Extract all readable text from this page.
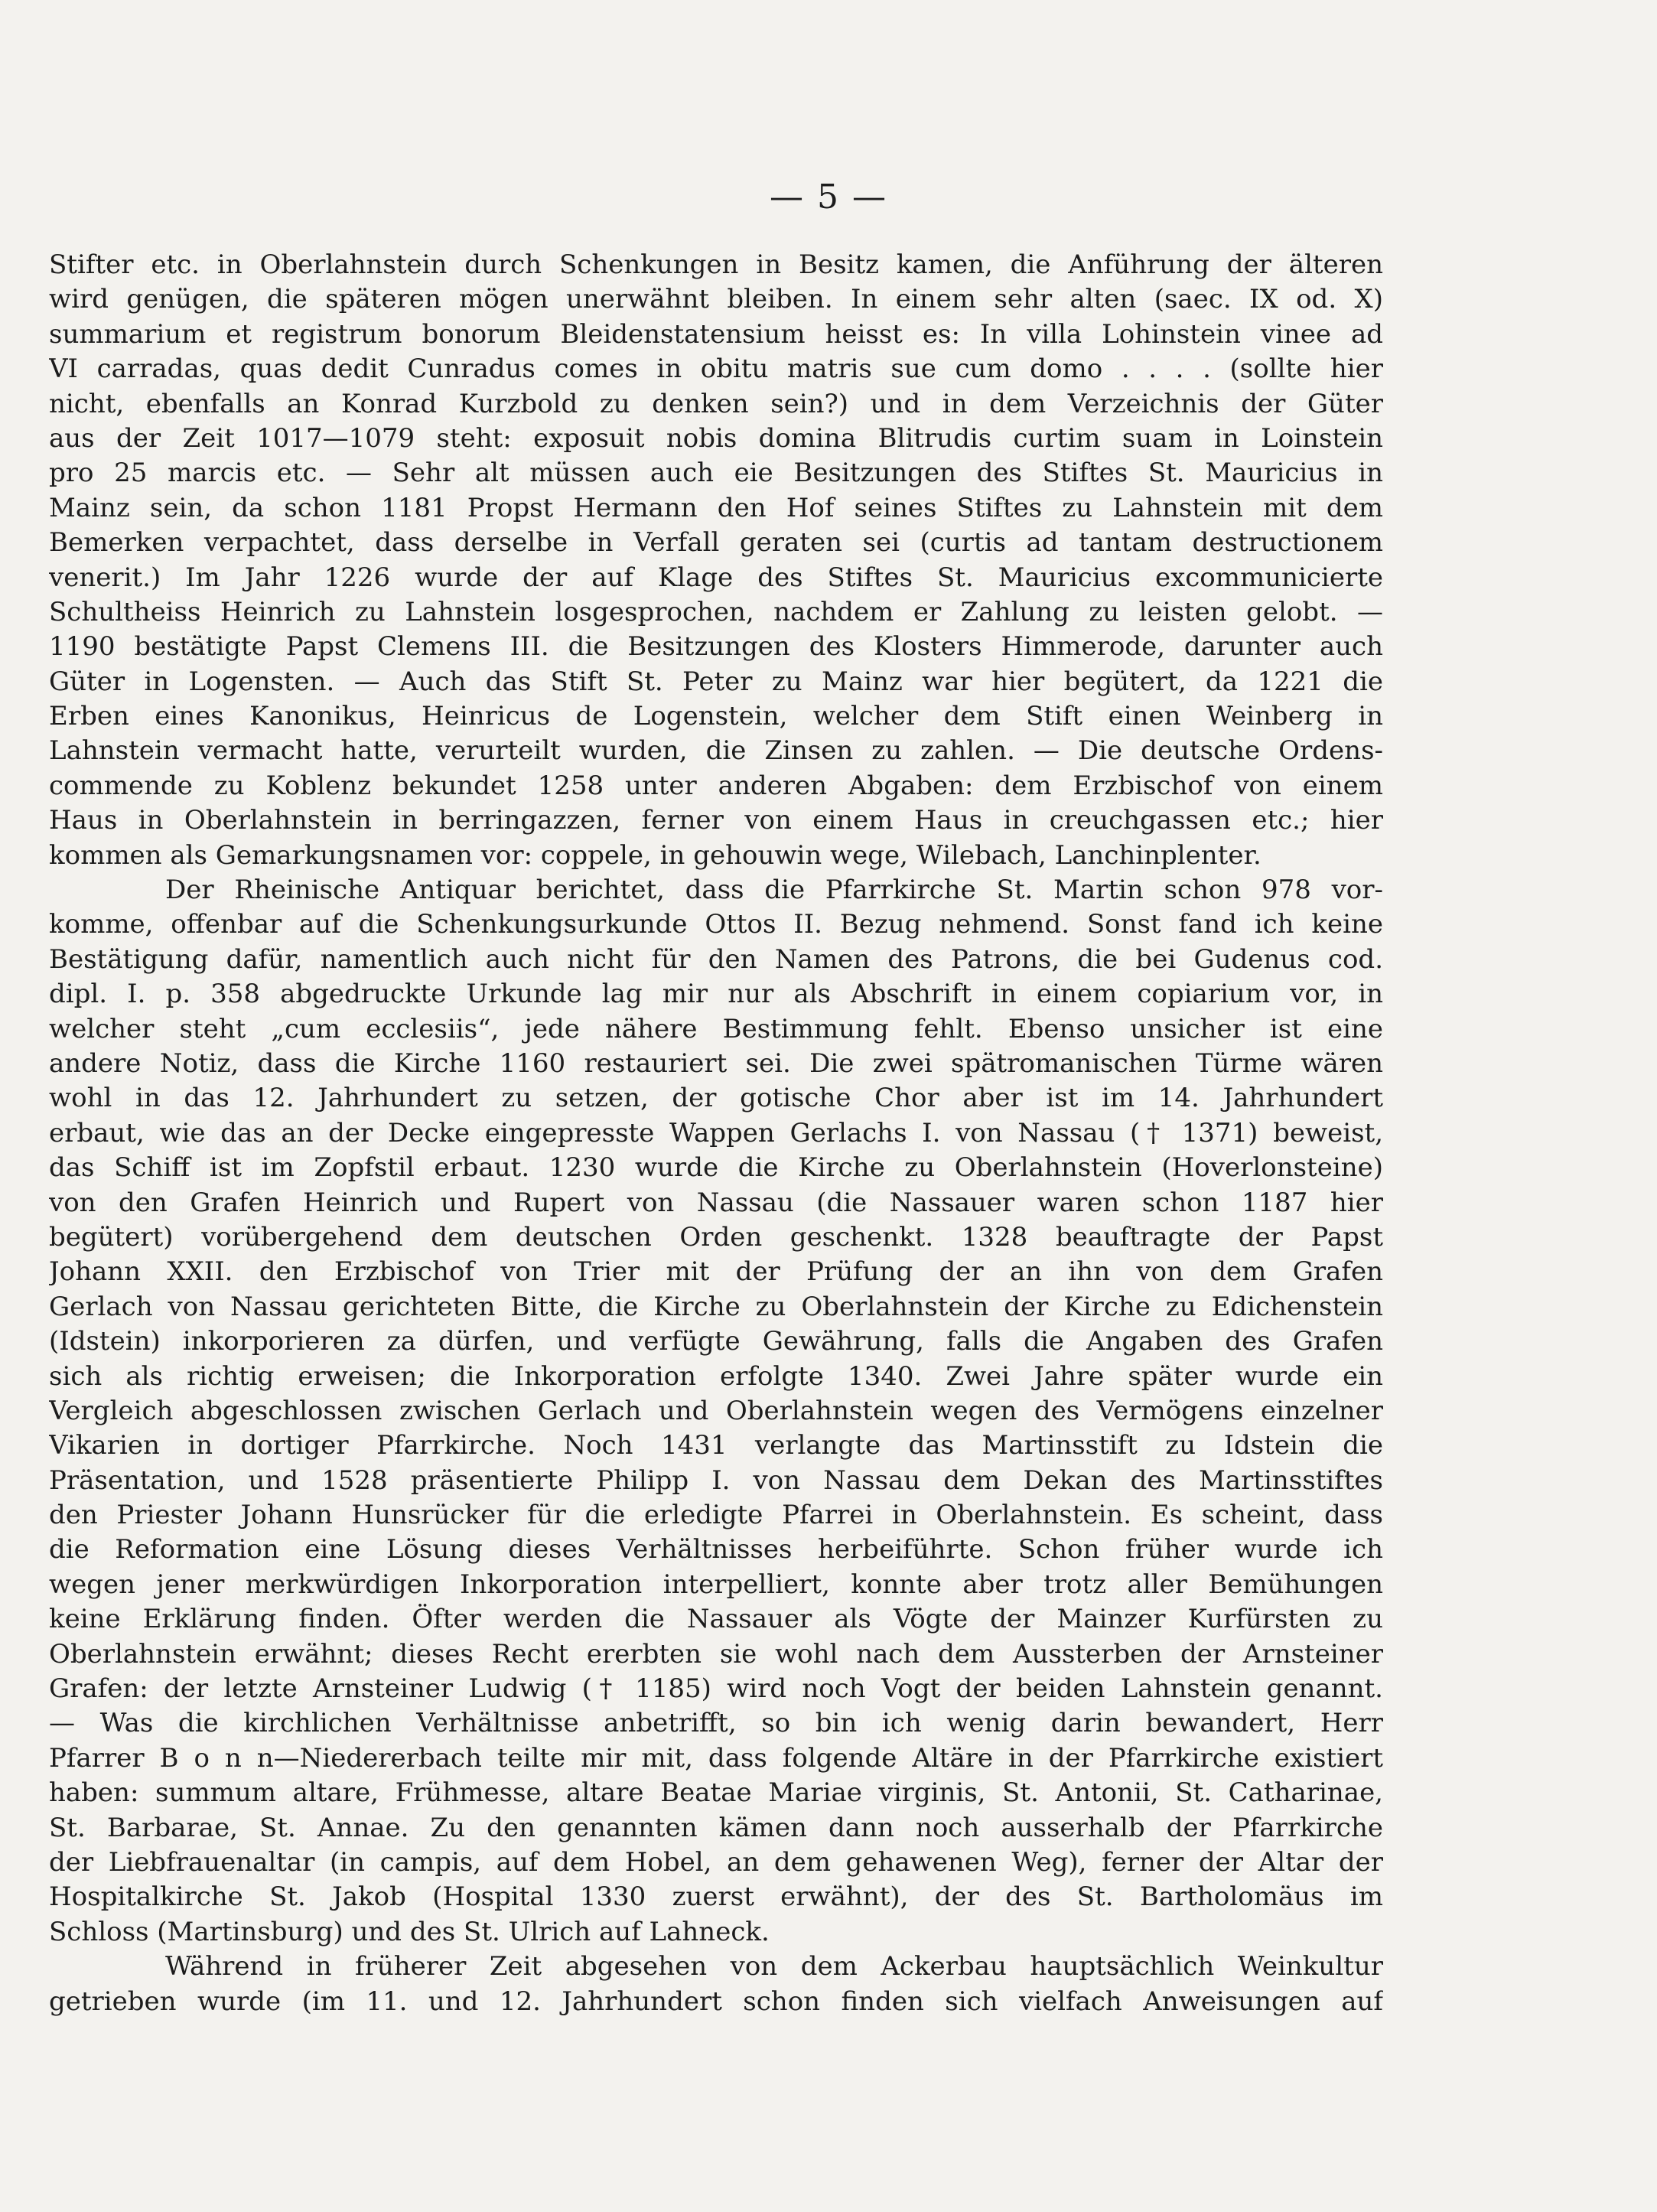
— 5 —
Stifter etc. in Oberlahnstein durch Schenkungen in Besitz kamen, die Anführung der älteren
wird genügen, die späteren mögen unerwähnt bleiben. In einem sehr alten (saec. IX od. X)
summarium et registrum bonorum Bleidenstatensium heisst es: In villa Lohinstein vinee ad
VI carradas, quas dedit Cunradus comes in obitu matris sue cum domo . . . . (sollte hier
nicht, ebenfalls an Konrad Kurzbold zu denken sein?) und in dem Verzeichnis der Güter
aus der Zeit 1017—1079 steht: exposuit nobis domina Blitrudis curtim suam in Loinstein
pro 25 marcis etc. — Sehr alt müssen auch eie Besitzungen des Stiftes St. Mauricius in
Mainz sein, da schon 1181 Propst Hermann den Hof seines Stiftes zu Lahnstein mit dem
Bemerken verpachtet, dass derselbe in Verfall geraten sei (curtis ad tantam destructionem
venerit.) Im Jahr 1226 wurde der auf Klage des Stiftes St. Mauricius excommunicierte
Schultheiss Heinrich zu Lahnstein losgesprochen, nachdem er Zahlung zu leisten gelobt. —
1190 bestätigte Papst Clemens III. die Besitzungen des Klosters Himmerode, darunter auch
Güter in Logensten. — Auch das Stift St. Peter zu Mainz war hier begütert, da 1221 die
Erben eines Kanonikus, Heinricus de Logenstein, welcher dem Stift einen Weinberg in
Lahnstein vermacht hatte, verurteilt wurden, die Zinsen zu zahlen. — Die deutsche Ordens-
commende zu Koblenz bekundet 1258 unter anderen Abgaben: dem Erzbischof von einem
Haus in Oberlahnstein in berringazzen, ferner von einem Haus in creuchgassen etc.; hier
kommen als Gemarkungsnamen vor: coppele, in gehouwin wege, Wilebach, Lanchinplenter.
Der Rheinische Antiquar berichtet, dass die Pfarrkirche St. Martin schon 978 vor-
komme, offenbar auf die Schenkungsurkunde Ottos II. Bezug nehmend. Sonst fand ich keine
Bestätigung dafür, namentlich auch nicht für den Namen des Patrons, die bei Gudenus cod.
dipl. I. p. 358 abgedruckte Urkunde lag mir nur als Abschrift in einem copiarium vor, in
welcher steht „cum ecclesiis“, jede nähere Bestimmung fehlt. Ebenso unsicher ist eine
andere Notiz, dass die Kirche 1160 restauriert sei. Die zwei spätromanischen Türme wären
wohl in das 12. Jahrhundert zu setzen, der gotische Chor aber ist im 14. Jahrhundert
erbaut, wie das an der Decke eingepresste Wappen Gerlachs I. von Nassau († 1371) beweist,
das Schiff ist im Zopfstil erbaut. 1230 wurde die Kirche zu Oberlahnstein (Hoverlonsteine)
von den Grafen Heinrich und Rupert von Nassau (die Nassauer waren schon 1187 hier
begütert) vorübergehend dem deutschen Orden geschenkt. 1328 beauftragte der Papst
Johann XXII. den Erzbischof von Trier mit der Prüfung der an ihn von dem Grafen
Gerlach von Nassau gerichteten Bitte, die Kirche zu Oberlahnstein der Kirche zu Edichenstein
(Idstein) inkorporieren za dürfen, und verfügte Gewährung, falls die Angaben des Grafen
sich als richtig erweisen; die Inkorporation erfolgte 1340. Zwei Jahre später wurde ein
Vergleich abgeschlossen zwischen Gerlach und Oberlahnstein wegen des Vermögens einzelner
Vikarien in dortiger Pfarrkirche. Noch 1431 verlangte das Martinsstift zu Idstein die
Präsentation, und 1528 präsentierte Philipp I. von Nassau dem Dekan des Martinsstiftes
den Priester Johann Hunsrücker für die erledigte Pfarrei in Oberlahnstein. Es scheint, dass
die Reformation eine Lösung dieses Verhältnisses herbeiführte. Schon früher wurde ich
wegen jener merkwürdigen Inkorporation interpelliert, konnte aber trotz aller Bemühungen
keine Erklärung finden. Öfter werden die Nassauer als Vögte der Mainzer Kurfürsten zu
Oberlahnstein erwähnt; dieses Recht ererbten sie wohl nach dem Aussterben der Arnsteiner
Grafen: der letzte Arnsteiner Ludwig († 1185) wird noch Vogt der beiden Lahnstein genannt.
— Was die kirchlichen Verhältnisse anbetrifft, so bin ich wenig darin bewandert, Herr
Pfarrer B o n n—Niedererbach teilte mir mit, dass folgende Altäre in der Pfarrkirche existiert
haben: summum altare, Frühmesse, altare Beatae Mariae virginis, St. Antonii, St. Catharinae,
St. Barbarae, St. Annae. Zu den genannten kämen dann noch ausserhalb der Pfarrkirche
der Liebfrauenaltar (in campis, auf dem Hobel, an dem gehawenen Weg), ferner der Altar der
Hospitalkirche St. Jakob (Hospital 1330 zuerst erwähnt), der des St. Bartholomäus im
Schloss (Martinsburg) und des St. Ulrich auf Lahneck.
Während in früherer Zeit abgesehen von dem Ackerbau hauptsächlich Weinkultur
getrieben wurde (im 11. und 12. Jahrhundert schon finden sich vielfach Anweisungen auf
